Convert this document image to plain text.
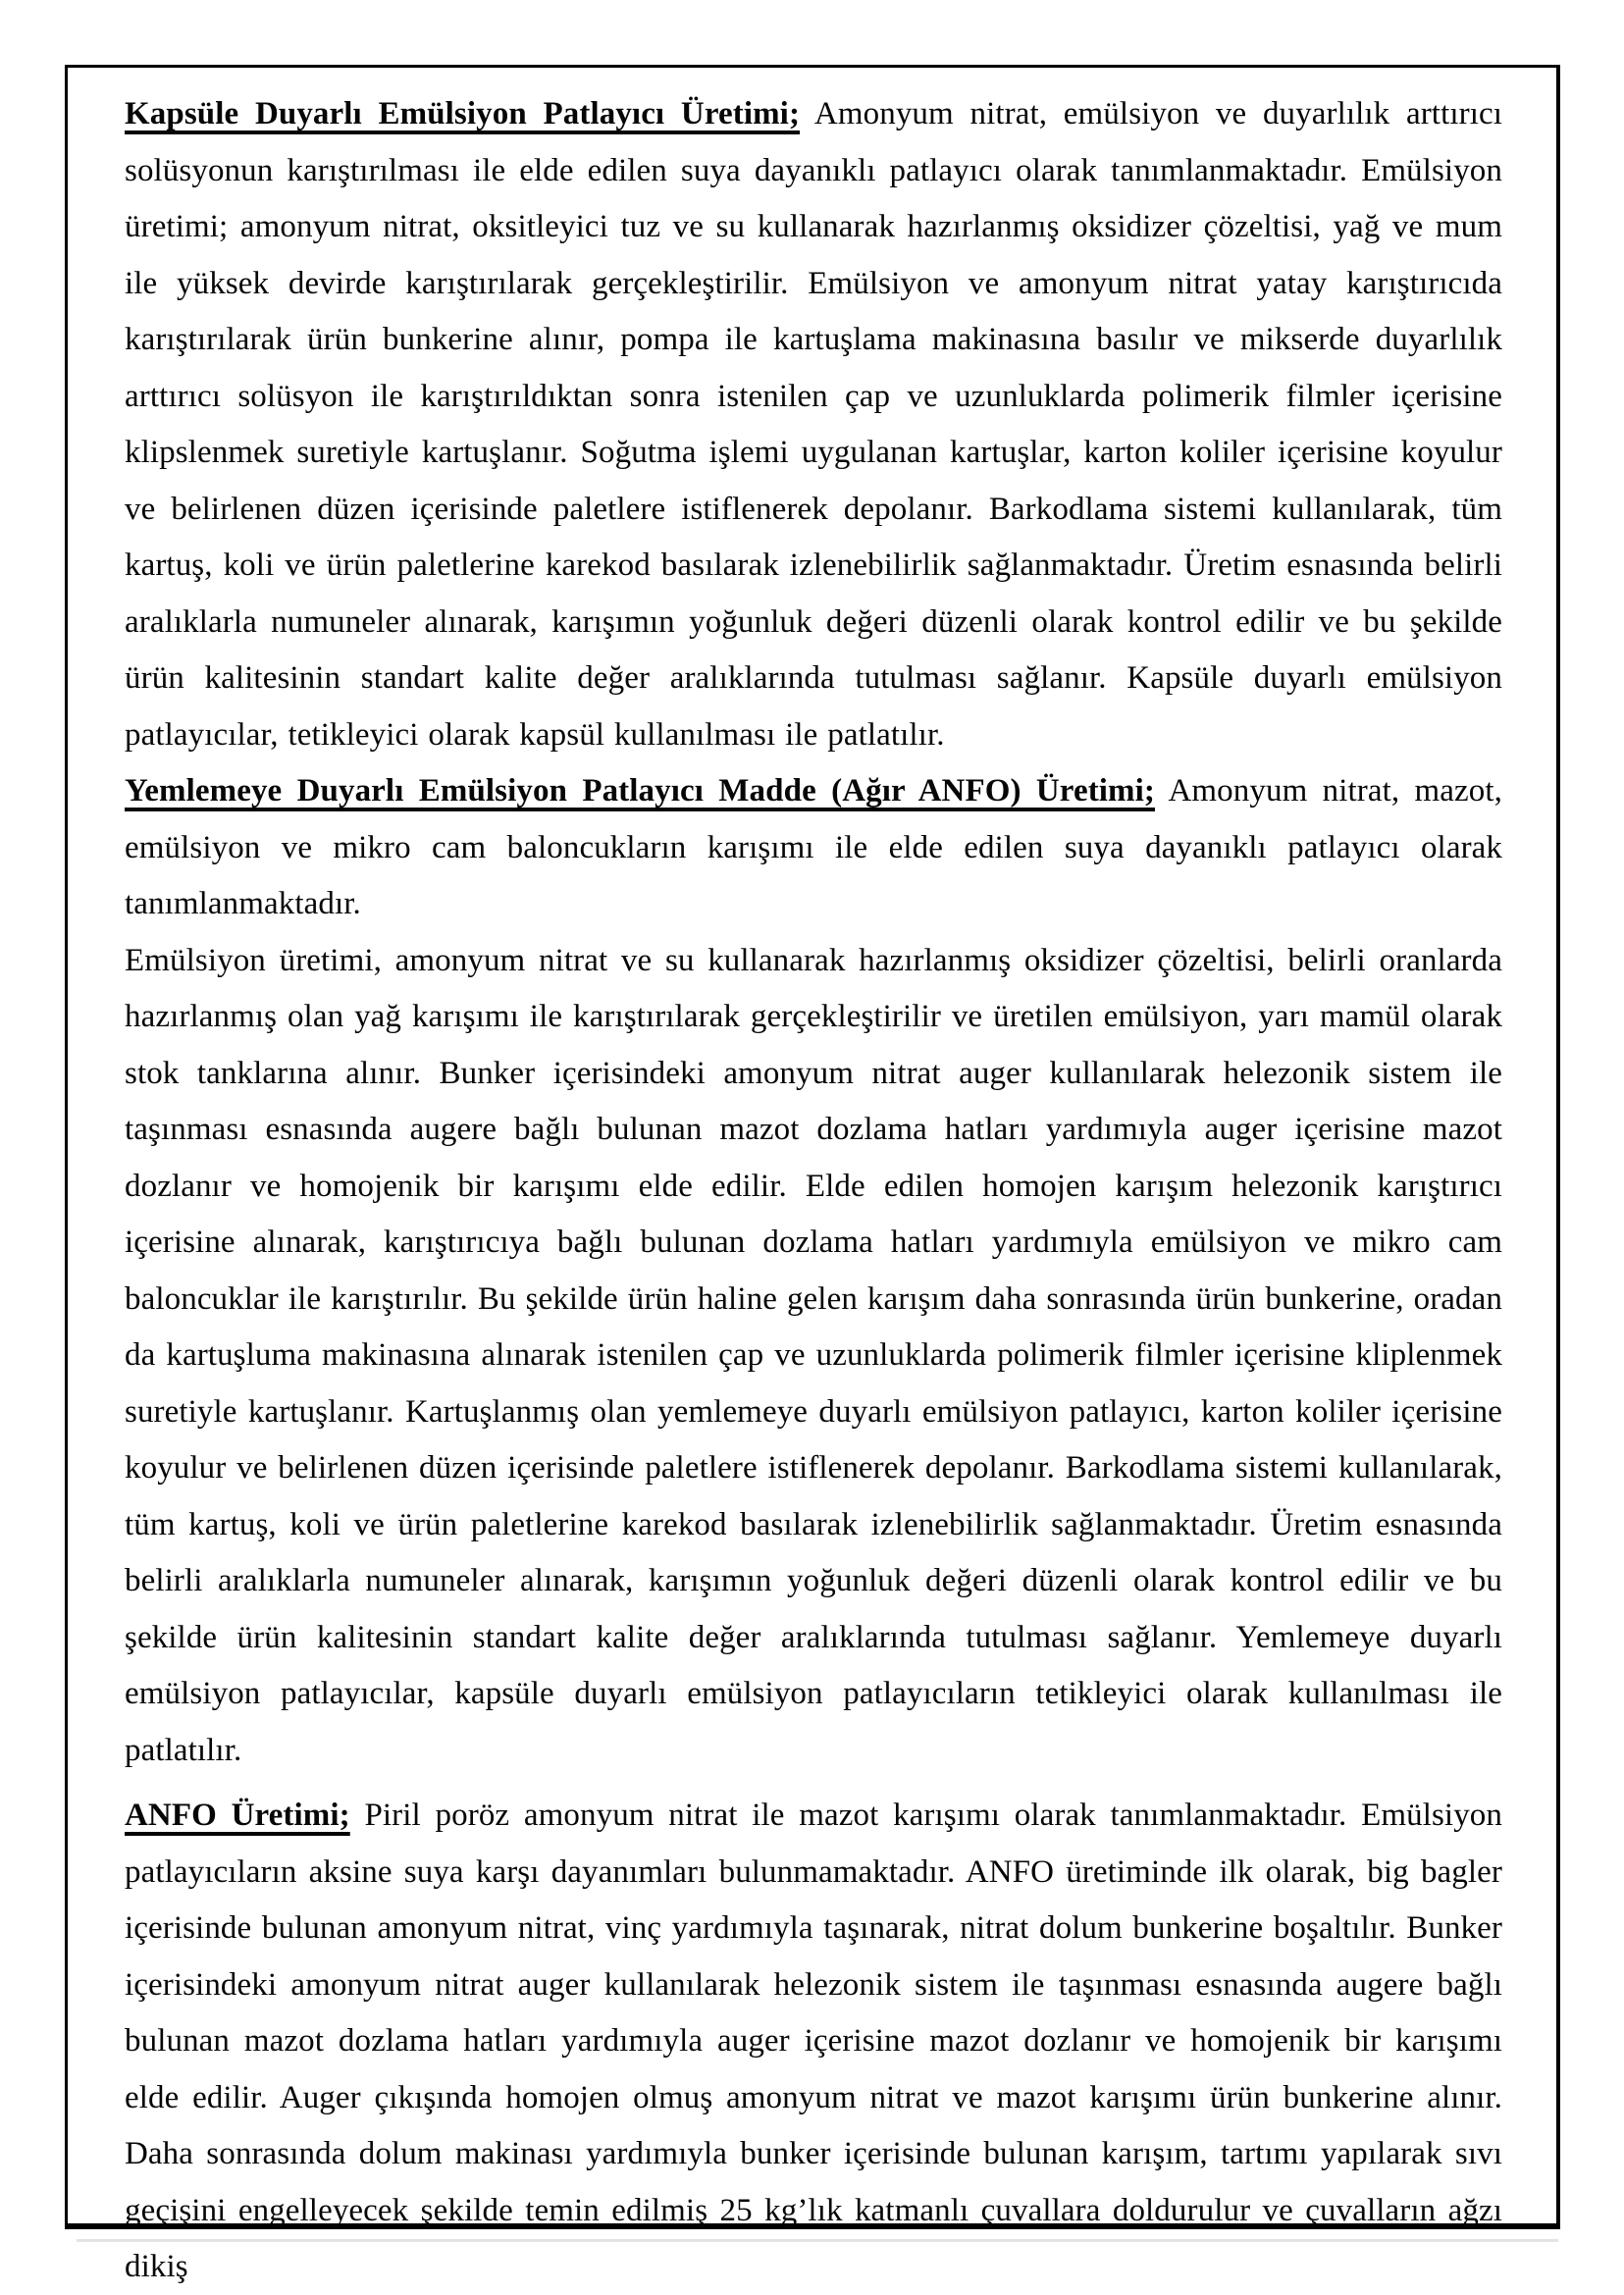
Kapsüle Duyarlı Emülsiyon Patlayıcı Üretimi; Amonyum nitrat, emülsiyon ve duyarlılık arttırıcı solüsyonun karıştırılması ile elde edilen suya dayanıklı patlayıcı olarak tanımlanmaktadır. Emülsiyon üretimi; amonyum nitrat, oksitleyici tuz ve su kullanarak hazırlanmış oksidizer çözeltisi, yağ ve mum ile yüksek devirde karıştırılarak gerçekleştirilir. Emülsiyon ve amonyum nitrat yatay karıştırıcıda karıştırılarak ürün bunkerine alınır, pompa ile kartuşlama makinasına basılır ve mikserde duyarlılık arttırıcı solüsyon ile karıştırıldıktan sonra istenilen çap ve uzunluklarda polimerik filmler içerisine klipslenmek suretiyle kartuşlanır. Soğutma işlemi uygulanan kartuşlar, karton koliler içerisine koyulur ve belirlenen düzen içerisinde paletlere istiflenerek depolanır. Barkodlama sistemi kullanılarak, tüm kartuş, koli ve ürün paletlerine karekod basılarak izlenebilirlik sağlanmaktadır. Üretim esnasında belirli aralıklarla numuneler alınarak, karışımın yoğunluk değeri düzenli olarak kontrol edilir ve bu şekilde ürün kalitesinin standart kalite değer aralıklarında tutulması sağlanır. Kapsüle duyarlı emülsiyon patlayıcılar, tetikleyici olarak kapsül kullanılması ile patlatılır.

Yemlemeye Duyarlı Emülsiyon Patlayıcı Madde (Ağır ANFO) Üretimi; Amonyum nitrat, mazot, emülsiyon ve mikro cam baloncukların karışımı ile elde edilen suya dayanıklı patlayıcı olarak tanımlanmaktadır.

Emülsiyon üretimi, amonyum nitrat ve su kullanarak hazırlanmış oksidizer çözeltisi, belirli oranlarda hazırlanmış olan yağ karışımı ile karıştırılarak gerçekleştirilir ve üretilen emülsiyon, yarı mamül olarak stok tanklarına alınır. Bunker içerisindeki amonyum nitrat auger kullanılarak helezonik sistem ile taşınması esnasında augere bağlı bulunan mazot dozlama hatları yardımıyla auger içerisine mazot dozlanır ve homojenik bir karışımı elde edilir. Elde edilen homojen karışım helezonik karıştırıcı içerisine alınarak, karıştırıcıya bağlı bulunan dozlama hatları yardımıyla emülsiyon ve mikro cam baloncuklar ile karıştırılır. Bu şekilde ürün haline gelen karışım daha sonrasında ürün bunkerine, oradan da kartuşluma makinasına alınarak istenilen çap ve uzunluklarda polimerik filmler içerisine kliplenmek suretiyle kartuşlanır. Kartuşlanmış olan yemlemeye duyarlı emülsiyon patlayıcı, karton koliler içerisine koyulur ve belirlenen düzen içerisinde paletlere istiflenerek depolanır. Barkodlama sistemi kullanılarak, tüm kartuş, koli ve ürün paletlerine karekod basılarak izlenebilirlik sağlanmaktadır. Üretim esnasında belirli aralıklarla numuneler alınarak, karışımın yoğunluk değeri düzenli olarak kontrol edilir ve bu şekilde ürün kalitesinin standart kalite değer aralıklarında tutulması sağlanır. Yemlemeye duyarlı emülsiyon patlayıcılar, kapsüle duyarlı emülsiyon patlayıcıların tetikleyici olarak kullanılması ile patlatılır.

ANFO Üretimi; Piril poröz amonyum nitrat ile mazot karışımı olarak tanımlanmaktadır. Emülsiyon patlayıcıların aksine suya karşı dayanımları bulunmamaktadır. ANFO üretiminde ilk olarak, big bagler içerisinde bulunan amonyum nitrat, vinç yardımıyla taşınarak, nitrat dolum bunkerine boşaltılır. Bunker içerisindeki amonyum nitrat auger kullanılarak helezonik sistem ile taşınması esnasında augere bağlı bulunan mazot dozlama hatları yardımıyla auger içerisine mazot dozlanır ve homojenik bir karışımı elde edilir. Auger çıkışında homojen olmuş amonyum nitrat ve mazot karışımı ürün bunkerine alınır. Daha sonrasında dolum makinası yardımıyla bunker içerisinde bulunan karışım, tartımı yapılarak sıvı geçişini engelleyecek şekilde temin edilmiş 25 kg’lık katmanlı çuvallara doldurulur ve çuvalların ağzı dikiş
